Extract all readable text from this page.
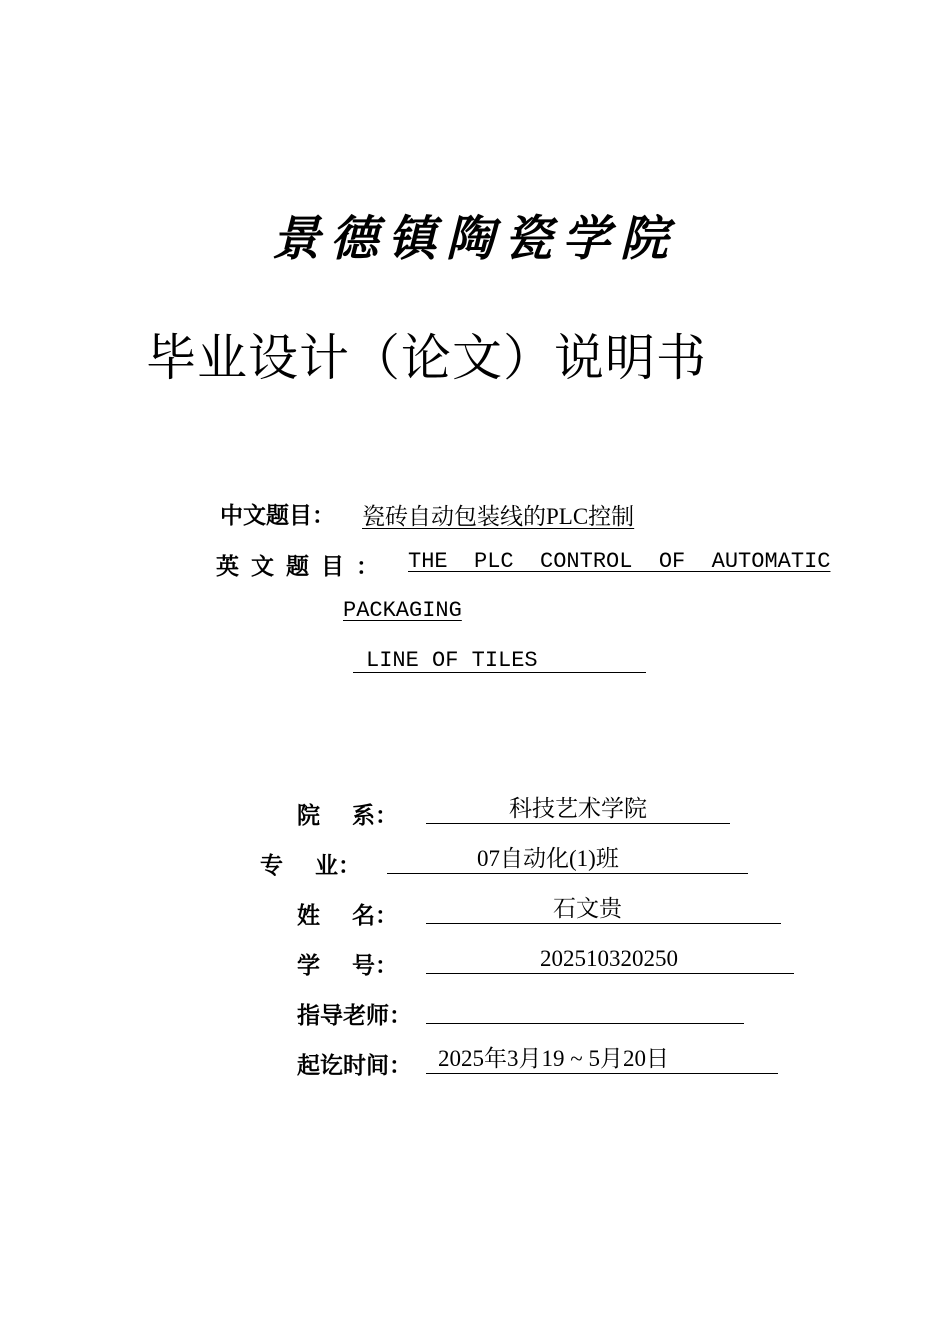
景德镇陶瓷学院
毕业设计（论文）说明书
中文题目： 瓷砖自动包装线的PLC控制
英 文 题 目 ： THE  PLC  CONTROL  OF  AUTOMATIC
PACKAGING
LINE OF TILES
院    系：	科技艺术学院
专    业：	07自动化(1)班
姓    名：	石文贵
学    号：	202510320250
指导老师：
起讫时间： 2025年3月19 ~ 5月20日
